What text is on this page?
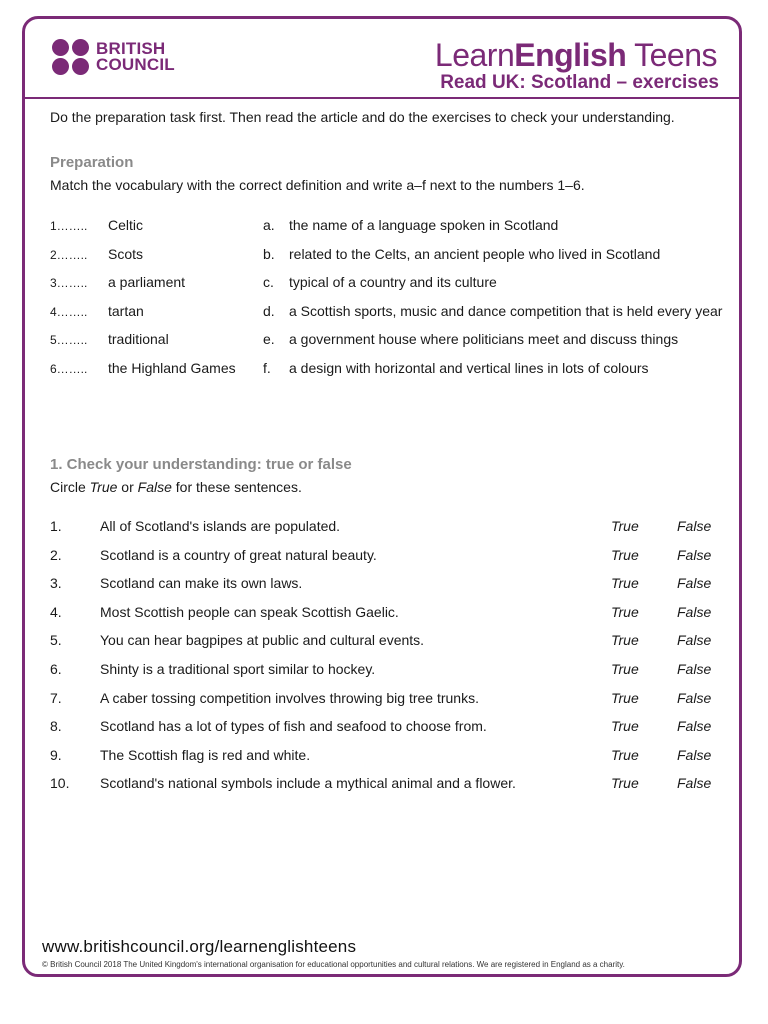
BRITISH
COUNCIL	LearnEnglish Teens
Read UK: Scotland – exercises
Do the preparation task first. Then read the article and do the exercises to check your understanding.
Preparation
Match the vocabulary with the correct definition and write a–f next to the numbers 1–6.
1…….. Celtic	a. the name of a language spoken in Scotland
2…….. Scots	b. related to the Celts, an ancient people who lived in Scotland
3…….. a parliament	c. typical of a country and its culture
4…….. tartan	d. a Scottish sports, music and dance competition that is held every year
5…….. traditional	e. a government house where politicians meet and discuss things
6…….. the Highland Games f. a design with horizontal and vertical lines in lots of colours
1. Check your understanding: true or false
Circle True or False for these sentences.
1.	All of Scotland's islands are populated.	True	False
2.	Scotland is a country of great natural beauty.	True	False
3.	Scotland can make its own laws.	True	False
4.	Most Scottish people can speak Scottish Gaelic.	True	False
5.	You can hear bagpipes at public and cultural events.	True	False
6.	Shinty is a traditional sport similar to hockey.	True	False
7.	A caber tossing competition involves throwing big tree trunks.	True	False
8.	Scotland has a lot of types of fish and seafood to choose from.	True	False
9.	The Scottish flag is red and white.	True	False
10. Scotland's national symbols include a mythical animal and a flower.	True	False
www.britishcouncil.org/learnenglishteens
© British Council 2018 The United Kingdom's international organisation for educational opportunities and cultural relations. We are registered in England as a charity.
